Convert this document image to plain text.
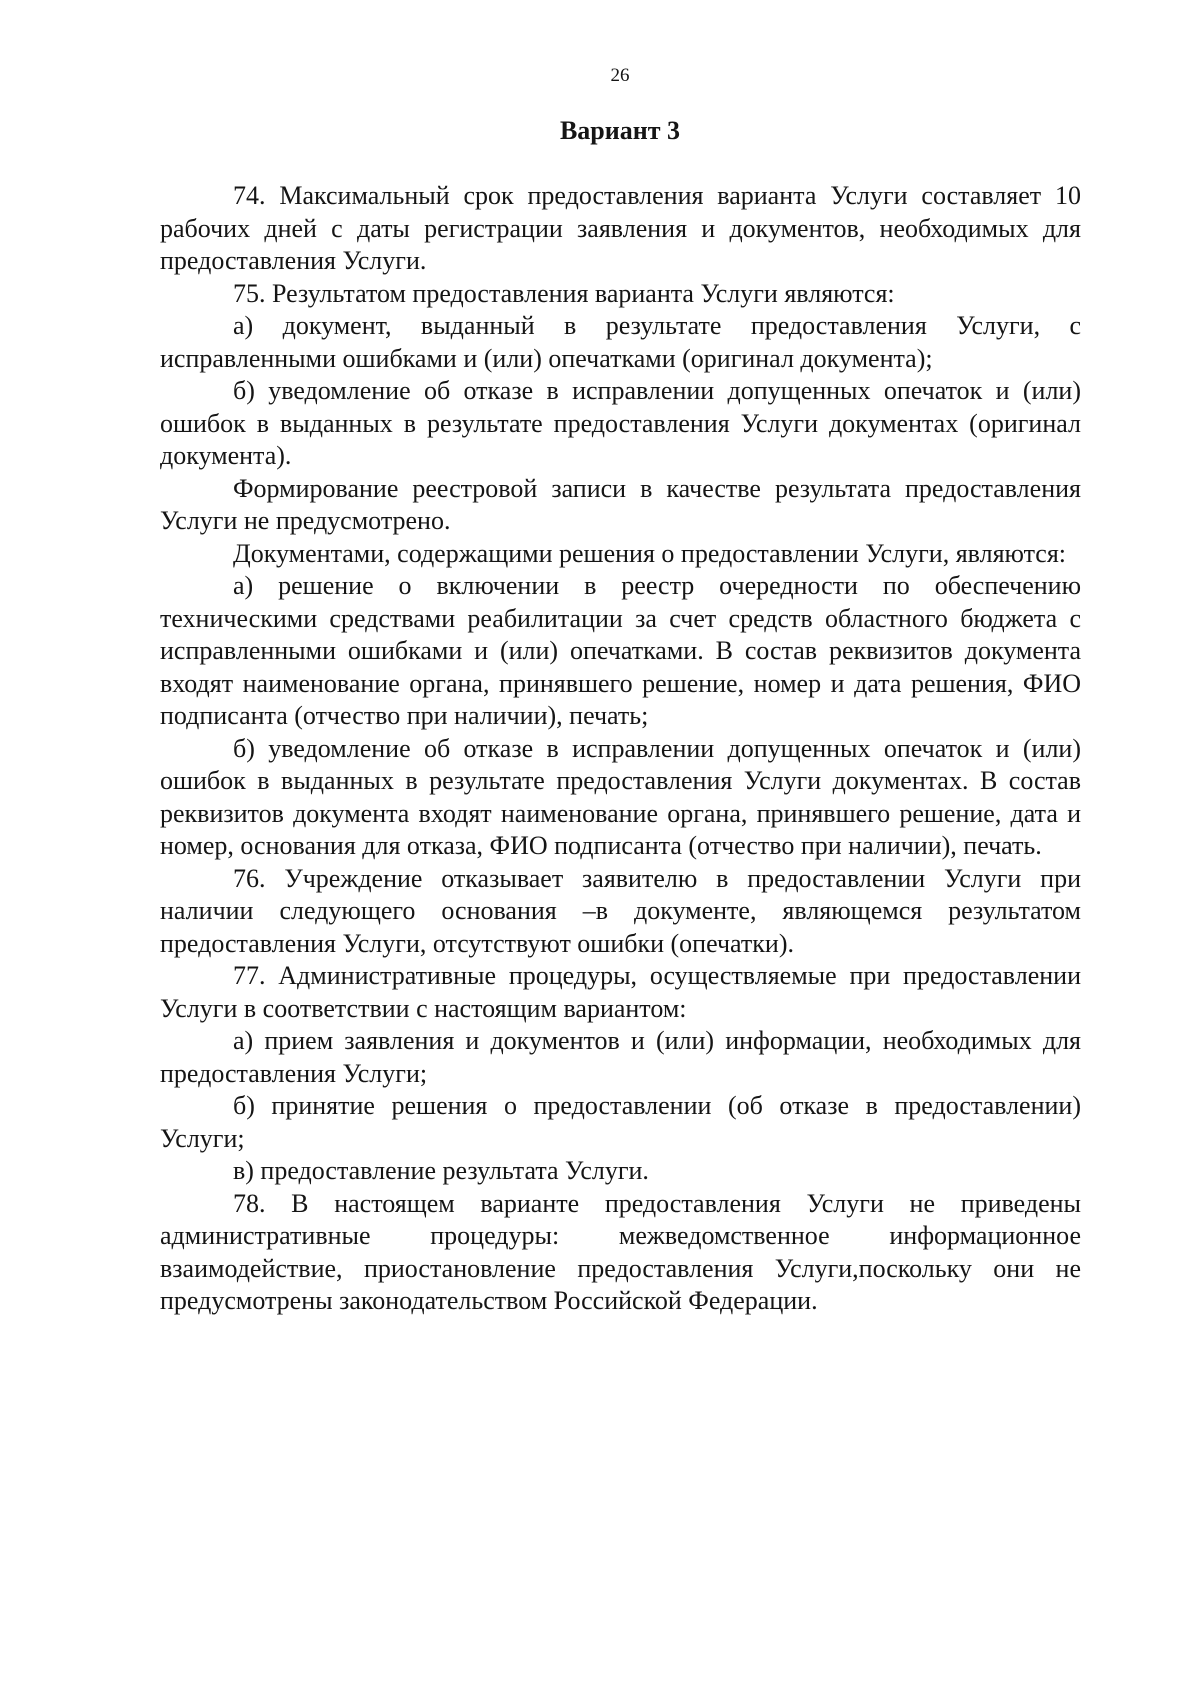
26
Вариант 3

74. Максимальный срок предоставления варианта Услуги составляет 10 рабочих дней с даты регистрации заявления и документов, необходимых для предоставления Услуги.

75. Результатом предоставления варианта Услуги являются:

а) документ, выданный в результате предоставления Услуги, с исправленными ошибками и (или) опечатками (оригинал документа);

б) уведомление об отказе в исправлении допущенных опечаток и (или) ошибок в выданных в результате предоставления Услуги документах (оригинал документа).

Формирование реестровой записи в качестве результата предоставления Услуги не предусмотрено.

Документами, содержащими решения о предоставлении Услуги, являются:

а) решение о включении в реестр очередности по обеспечению техническими средствами реабилитации за счет средств областного бюджета с исправленными ошибками и (или) опечатками. В состав реквизитов документа входят наименование органа, принявшего решение, номер и дата решения, ФИО подписанта (отчество при наличии), печать;

б) уведомление об отказе в исправлении допущенных опечаток и (или) ошибок в выданных в результате предоставления Услуги документах. В состав реквизитов документа входят наименование органа, принявшего решение, дата и номер, основания для отказа, ФИО подписанта (отчество при наличии), печать.

76. Учреждение отказывает заявителю в предоставлении Услуги при наличии следующего основания –в документе, являющемся результатом предоставления Услуги, отсутствуют ошибки (опечатки).

77. Административные процедуры, осуществляемые при предоставлении Услуги в соответствии с настоящим вариантом:

а) прием заявления и документов и (или) информации, необходимых для предоставления Услуги;

б) принятие решения о предоставлении (об отказе в предоставлении) Услуги;

в) предоставление результата Услуги.

78. В настоящем варианте предоставления Услуги не приведены административные процедуры: межведомственное информационное взаимодействие, приостановление предоставления Услуги,поскольку они не предусмотрены законодательством Российской Федерации.
